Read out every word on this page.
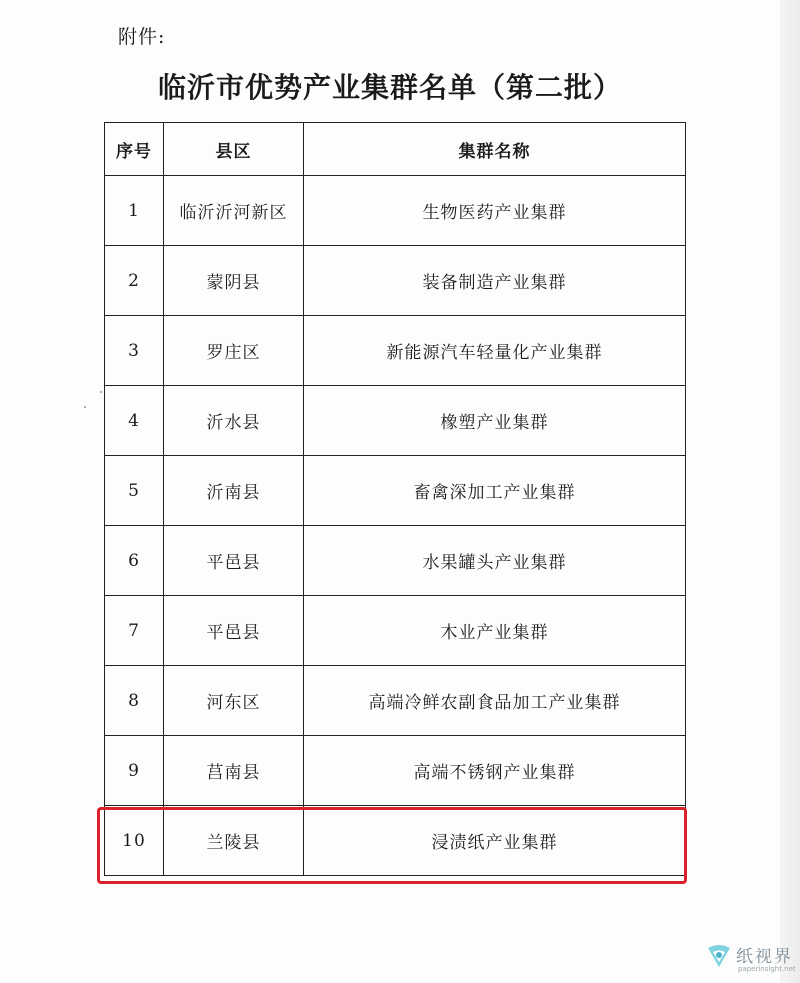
附件:
临沂市优势产业集群名单（第二批）
序号	县区	集群名称
1	临沂沂河新区	生物医药产业集群
2	蒙阴县	装备制造产业集群
3	罗庄区	新能源汽车轻量化产业集群
4	沂水县	橡塑产业集群
5	沂南县	畜禽深加工产业集群
6	平邑县	水果罐头产业集群
7	平邑县	木业产业集群
8	河东区	高端冷鲜农副食品加工产业集群
9	莒南县	高端不锈钢产业集群
10	兰陵县	浸渍纸产业集群
纸视界
paperinsight.net
